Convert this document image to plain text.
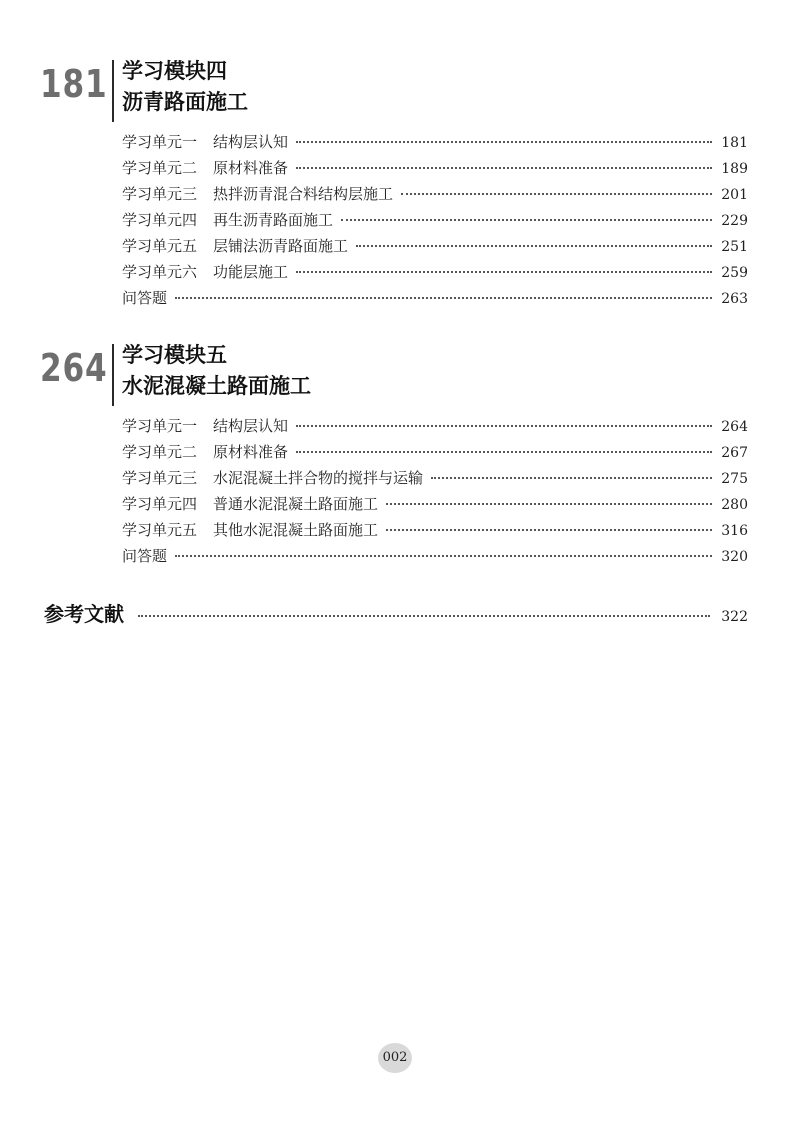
181 学习模块四
沥青路面施工
学习单元一 结构层认知	181
学习单元二 原材料准备	189
学习单元三 热拌沥青混合料结构层施工	201
学习单元四 再生沥青路面施工	229
学习单元五 层铺法沥青路面施工	251
学习单元六 功能层施工	259
问答题	263
264 学习模块五
水泥混凝土路面施工
学习单元一 结构层认知	264
学习单元二 原材料准备	267
学习单元三 水泥混凝土拌合物的搅拌与运输	275
学习单元四 普通水泥混凝土路面施工	280
学习单元五 其他水泥混凝土路面施工	316
问答题	320
参考文献	322
002
